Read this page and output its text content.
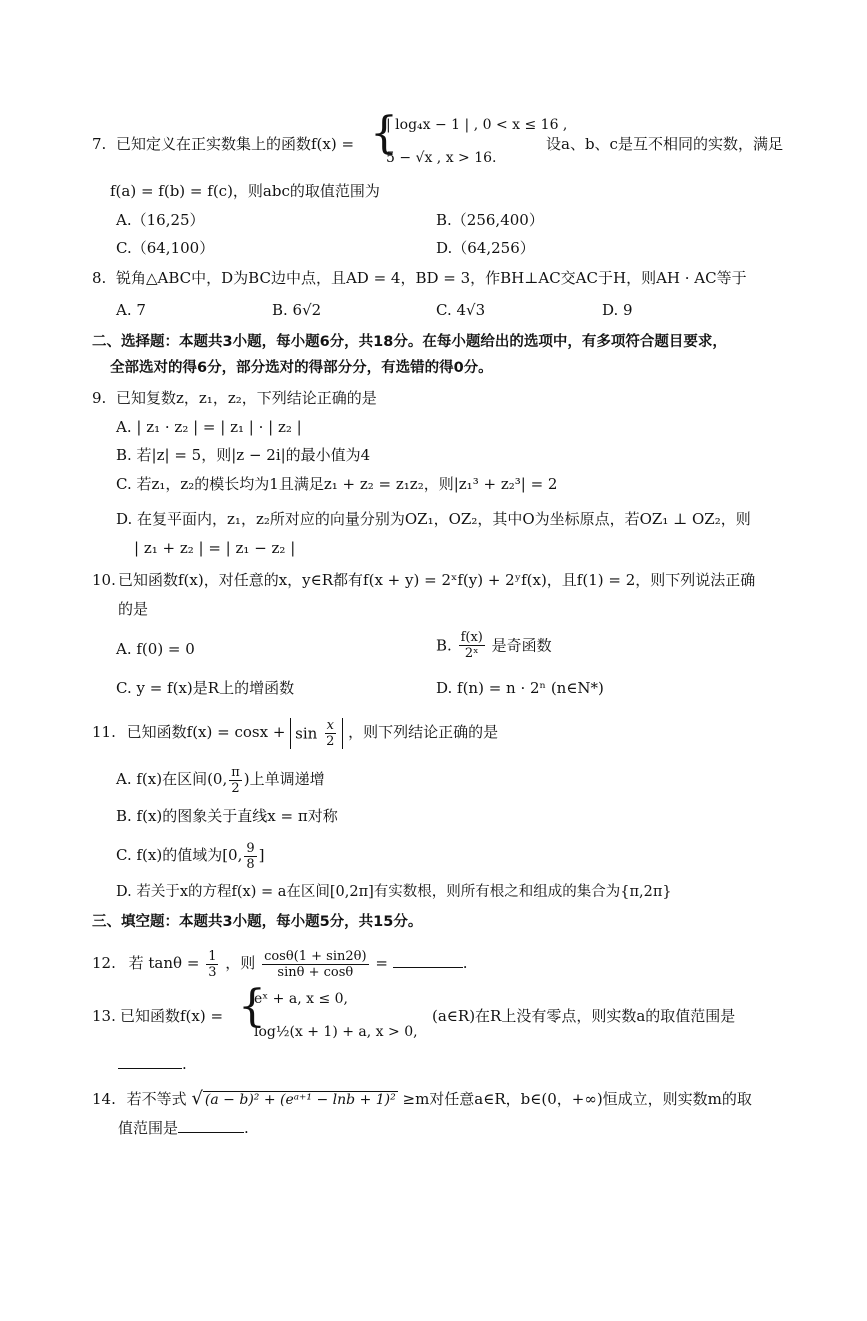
7. 已知定义在正实数集上的函数f(x) = {
| log₄x − 1 | , 0 < x ≤ 16 ,
5 − √x , x > 16.
设a、b、c是互不相同的实数，满足
f(a) = f(b) = f(c)，则abc的取值范围为
A.（16,25）	B.（256,400）
C.（64,100）	D.（64,256）
8. 锐角△ABC中，D为BC边中点，且AD = 4，BD = 3，作BH⊥AC交AC于H，则AH · AC等于
A. 7	B. 6√2	C. 4√3	D. 9
二、选择题：本题共3小题，每小题6分，共18分。在每小题给出的选项中，有多项符合题目要求，
全部选对的得6分，部分选对的得部分分，有选错的得0分。
9. 已知复数z，z₁，z₂，下列结论正确的是
A. | z₁ · z₂ | = | z₁ | · | z₂ |
B. 若|z| = 5，则|z − 2i|的最小值为4
C. 若z₁，z₂的模长均为1且满足z₁ + z₂ = z₁z₂，则|z₁³ + z₂³| = 2
D. 在复平面内，z₁，z₂所对应的向量分别为OZ₁，OZ₂，其中O为坐标原点，若OZ₁ ⊥ OZ₂，则
| z₁ + z₂ | = | z₁ − z₂ |
10. 已知函数f(x)，对任意的x，y∈R都有f(x + y) = 2ˣf(y) + 2ʸf(x)，且f(1) = 2，则下列说法正确
的是
A. f(0) = 0	B. $\frac{f(x)}{\text{2ˣ}}$ 是奇函数
C. y = f(x)是R上的增函数	D. f(n) = n · 2ⁿ (n∈N*)
11. 已知函数$f(x) = \cos x + \sin \frac{x}{2}$ ，则下列结论正确的是
A. f(x)在区间(0, $\frac{\pi}{2}$ )上单调递增
B. f(x)的图象关于直线x = π对称
C. f(x)的值域为[0, $\frac{9}{8}$ ]
D. 若关于x的方程f(x) = a在区间[0,2π]有实数根，则所有根之和组成的集合为{π,2π}
三、填空题：本题共3小题，每小题5分，共15分。
12. 若 $\tan\theta = \frac{1}{3}$ ，则 $\frac{\cos\theta(1 + \sin 2\theta)}{\sin\theta + \cos\theta}$ =	.
13. 已知函数f(x) = {
eˣ + a, x ≤ 0,
log½(x + 1) + a, x > 0,
(a∈R)在R上没有零点，则实数a的取值范围是
.
14. 若不等式 √ (a − b)² + (eᵃ⁺¹ − lnb + 1)² ≥m对任意a∈R，b∈(0，+∞)恒成立，则实数m的取
值范围是	.
